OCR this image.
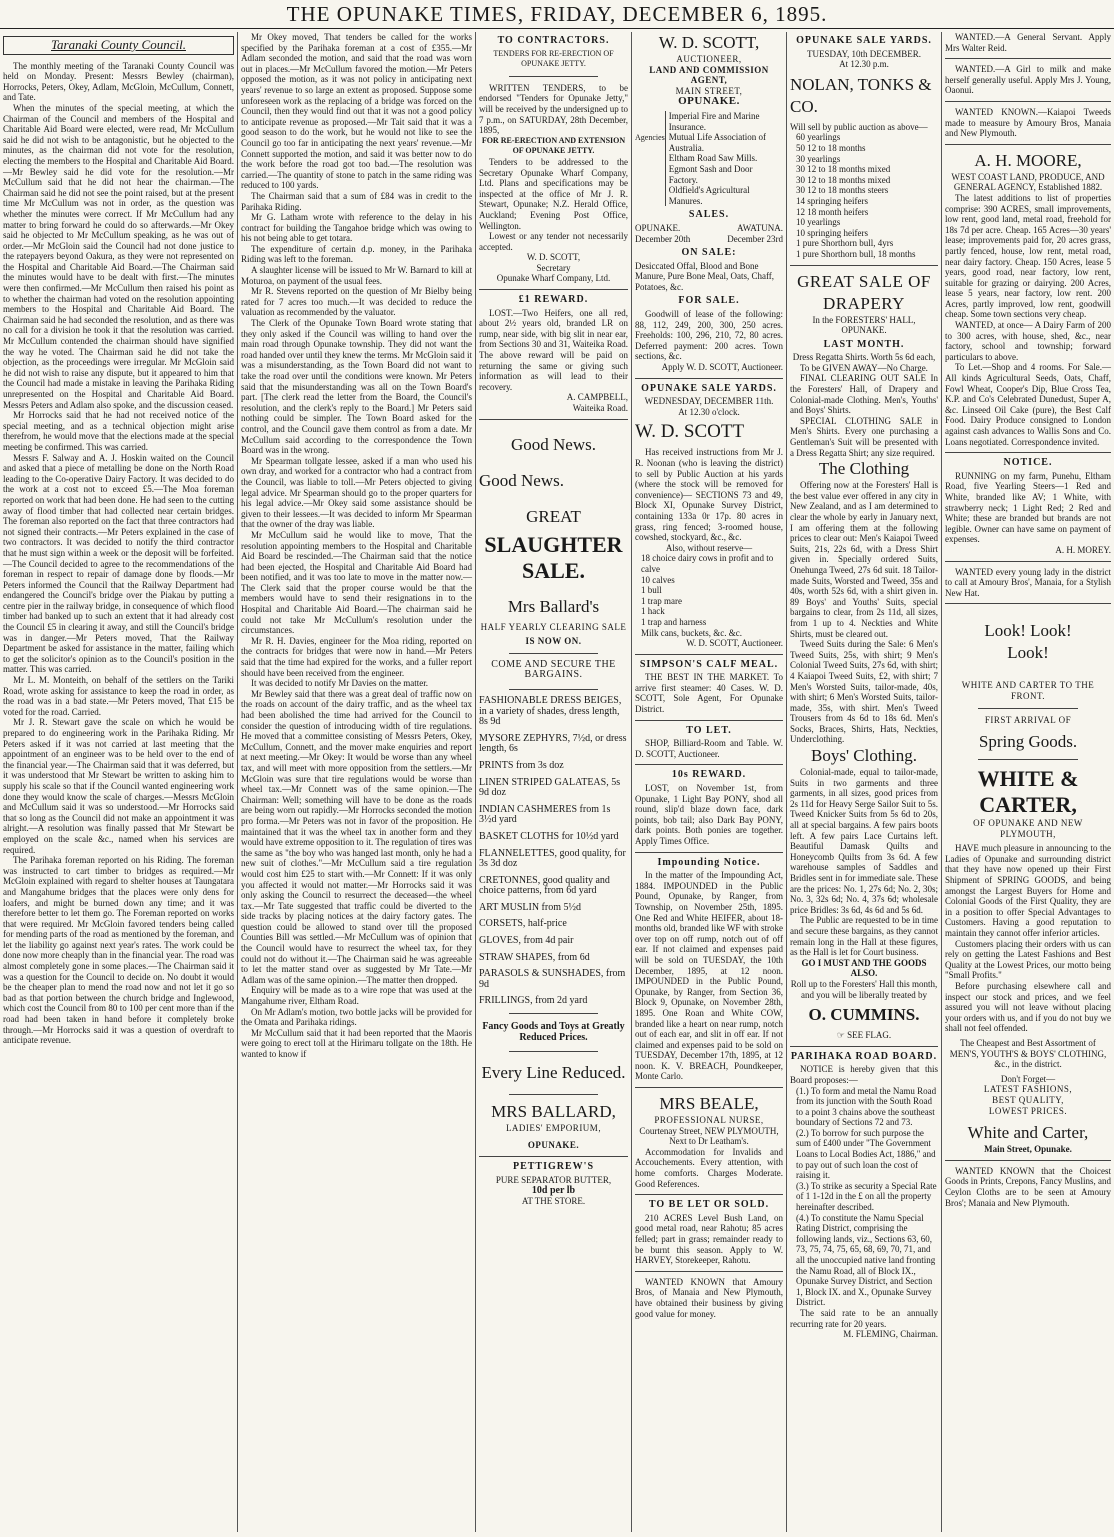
THE OPUNAKE TIMES, FRIDAY, DECEMBER 6, 1895.
Taranaki County Council.

The monthly meeting of the Taranaki County Council was held on Monday. Present: Messrs Bewley (chairman), Horrocks, Peters, Okey, Adlam, McGloin, McCullum, Connett, and Tate.

When the minutes of the special meeting, at which the Chairman of the Council and members of the Hospital and Charitable Aid Board were elected, were read, Mr McCullum said he did not wish to be antagonistic, but he objected to the minutes, as the chairman did not vote for the resolution, electing the members to the Hospital and Charitable Aid Board.—Mr Bewley said he did vote for the resolution.—Mr McCullum said that he did not hear the chairman.—The Chairman said he did not see the point raised, but at the present time Mr McCullum was not in order, as the question was whether the minutes were correct. If Mr McCullum had any matter to bring forward he could do so afterwards.—Mr Okey said he objected to Mr McCullum speaking, as he was out of order.—Mr McGloin said the Council had not done justice to the ratepayers beyond Oakura, as they were not represented on the Hospital and Charitable Aid Board.—The Chairman said the minutes would have to be dealt with first.—The minutes were then confirmed.—Mr McCullum then raised his point as to whether the chairman had voted on the resolution appointing members to the Hospital and Charitable Aid Board. The Chairman said he had seconded the resolution, and as there was no call for a division he took it that the resolution was carried. Mr McCullum contended the chairman should have signified the way he voted. The Chairman said he did not take the objection, as the proceedings were irregular. Mr McGloin said he did not wish to raise any dispute, but it appeared to him that the Council had made a mistake in leaving the Parihaka Riding unrepresented on the Hospital and Charitable Aid Board. Messrs Peters and Adlam also spoke, and the discussion ceased.

Mr Horrocks said that he had not received notice of the special meeting, and as a technical objection might arise therefrom, he would move that the elections made at the special meeting be confirmed. This was carried.

Messrs F. Salway and A. J. Hoskin waited on the Council and asked that a piece of metalling be done on the North Road leading to the Co-operative Dairy Factory. It was decided to do the work at a cost not to exceed £5.—The Moa foreman reported on work that had been done. He had seen to the cutting away of flood timber that had collected near certain bridges. The foreman also reported on the fact that three contractors had not signed their contracts.—Mr Peters explained in the case of two contractors. It was decided to notify the third contractor that he must sign within a week or the deposit will be forfeited.—The Council decided to agree to the recommendations of the foreman in respect to repair of damage done by floods.—Mr Peters informed the Council that the Railway Department had endangered the Council's bridge over the Piakau by putting a centre pier in the railway bridge, in consequence of which flood timber had banked up to such an extent that it had already cost the Council £5 in clearing it away, and still the Council's bridge was in danger.—Mr Peters moved, That the Railway Department be asked for assistance in the matter, failing which to get the solicitor's opinion as to the Council's position in the matter. This was carried.

Mr L. M. Monteith, on behalf of the settlers on the Tariki Road, wrote asking for assistance to keep the road in order, as the road was in a bad state.—Mr Peters moved, That £15 be voted for the road. Carried.

Mr J. R. Stewart gave the scale on which he would be prepared to do engineering work in the Parihaka Riding. Mr Peters asked if it was not carried at last meeting that the appointment of an engineer was to be held over to the end of the financial year.—The Chairman said that it was deferred, but it was understood that Mr Stewart be written to asking him to supply his scale so that if the Council wanted engineering work done they would know the scale of charges.—Messrs McGloin and McCullum said it was so understood.—Mr Horrocks said that so long as the Council did not make an appointment it was alright.—A resolution was finally passed that Mr Stewart be employed on the scale &c., named when his services are required.

The Parihaka foreman reported on his Riding. The foreman was instructed to cart timber to bridges as required.—Mr McGloin explained with regard to shelter houses at Taungatara and Mangahume bridges that the places were only dens for loafers, and might be burned down any time; and it was therefore better to let them go. The Foreman reported on works that were required. Mr McGloin favored tenders being called for mending parts of the road as mentioned by the foreman, and let the liability go against next year's rates. The work could be done now more cheaply than in the financial year. The road was almost completely gone in some places.—The Chairman said it was a question for the Council to decide on. No doubt it would be the cheaper plan to mend the road now and not let it go so bad as that portion between the church bridge and Inglewood, which cost the Council from 80 to 100 per cent more than if the road had been taken in hand before it completely broke through.—Mr Horrocks said it was a question of overdraft to anticipate revenue.

Mr Okey moved, That tenders be called for the works specified by the Parihaka foreman at a cost of £355.—Mr Adlam seconded the motion, and said that the road was worn out in places.—Mr McCullum favored the motion.—Mr Peters opposed the motion, as it was not policy in anticipating next years' revenue to so large an extent as proposed. Suppose some unforeseen work as the replacing of a bridge was forced on the Council, then they would find out that it was not a good policy to anticipate revenue as proposed.—Mr Tait said that it was a good season to do the work, but he would not like to see the Council go too far in anticipating the next years' revenue.—Mr Connett supported the motion, and said it was better now to do the work before the road got too bad.—The resolution was carried.—The quantity of stone to patch in the same riding was reduced to 100 yards.

The Chairman said that a sum of £84 was in credit to the Parihaka Riding.

Mr G. Latham wrote with reference to the delay in his contract for building the Tangahoe bridge which was owing to his not being able to get totara.

The expenditure of certain d.p. money, in the Parihaka Riding was left to the foreman.

A slaughter license will be issued to Mr W. Barnard to kill at Moturoa, on payment of the usual fees.

Mr R. Stevens reported on the question of Mr Bielby being rated for 7 acres too much.—It was decided to reduce the valuation as recommended by the valuator.

The Clerk of the Opunake Town Board wrote stating that they only asked if the Council was willing to hand over the main road through Opunake township. They did not want the road handed over until they knew the terms. Mr McGloin said it was a misunderstanding, as the Town Board did not want to take the road over until the conditions were known. Mr Peters said that the misunderstanding was all on the Town Board's part. [The clerk read the letter from the Board, the Council's resolution, and the clerk's reply to the Board.] Mr Peters said nothing could be simpler. The Town Board asked for the control, and the Council gave them control as from a date. Mr McCullum said according to the correspondence the Town Board was in the wrong.

Mr Spearman tollgate lessee, asked if a man who used his own dray, and worked for a contractor who had a contract from the Council, was liable to toll.—Mr Peters objected to giving legal advice. Mr Spearman should go to the proper quarters for his legal advice.—Mr Okey said some assistance should be given to their lessees.—It was decided to inform Mr Spearman that the owner of the dray was liable.

Mr McCullum said he would like to move, That the resolution appointing members to the Hospital and Charitable Aid Board be rescinded.—The Chairman said that the notice had been ejected, the Hospital and Charitable Aid Board had been notified, and it was too late to move in the matter now.—The Clerk said that the proper course would be that the members would have to send their resignations in to the Hospital and Charitable Aid Board.—The chairman said he could not take Mr McCullum's resolution under the circumstances.

Mr R. H. Davies, engineer for the Moa riding, reported on the contracts for bridges that were now in hand.—Mr Peters said that the time had expired for the works, and a fuller report should have been received from the engineer.

It was decided to notify Mr Davies on the matter.

Mr Bewley said that there was a great deal of traffic now on the roads on account of the dairy traffic, and as the wheel tax had been abolished the time had arrived for the Council to consider the question of introducing width of tire regulations. He moved that a committee consisting of Messrs Peters, Okey, McCullum, Connett, and the mover make enquiries and report at next meeting.—Mr Okey: It would be worse than any wheel tax, and will meet with more opposition from the settlers.—Mr McGloin was sure that tire regulations would be worse than wheel tax.—Mr Connett was of the same opinion.—The Chairman: Well; something will have to be done as the roads are being worn out rapidly.—Mr Horrocks seconded the motion pro forma.—Mr Peters was not in favor of the proposition. He maintained that it was the wheel tax in another form and they would have extreme opposition to it. The regulation of tires was the same as "the boy who was hanged last month, only he had a new suit of clothes."—Mr McCullum said a tire regulation would cost him £25 to start with.—Mr Connett: If it was only you affected it would not matter.—Mr Horrocks said it was only asking the Council to resurrect the deceased—the wheel tax.—Mr Tate suggested that traffic could be diverted to the side tracks by placing notices at the dairy factory gates. The question could be allowed to stand over till the proposed Counties Bill was settled.—Mr McCullum was of opinion that the Council would have to resurrect the wheel tax, for they could not do without it.—The Chairman said he was agreeable to let the matter stand over as suggested by Mr Tate.—Mr Adlam was of the same opinion.—The matter then dropped.

Enquiry will be made as to a wire rope that was used at the Mangahume river, Eltham Road.

On Mr Adlam's motion, two bottle jacks will be provided for the Omata and Parihaka ridings.

Mr McCullum said that it had been reported that the Maoris were going to erect toll at the Hirimaru tollgate on the 18th. He wanted to know if

TO CONTRACTORS.
TENDERS FOR RE-ERECTION OF OPUNAKE JETTY.

WRITTEN TENDERS, to be endorsed "Tenders for Opunake Jetty," will be received by the undersigned up to 7 p.m., on SATURDAY, 28th December, 1895,

FOR RE-ERECTION AND EXTENSION OF OPUNAKE JETTY.

Tenders to be addressed to the Secretary Opunake Wharf Company, Ltd. Plans and specifications may be inspected at the office of Mr J. R. Stewart, Opunake; N.Z. Herald Office, Auckland; Evening Post Office, Wellington.

Lowest or any tender not necessarily accepted.

W. D. SCOTT,
Secretary
Opunake Wharf Company, Ltd.
£1 REWARD.

LOST.—Two Heifers, one all red, about 2½ years old, branded LR on rump, near side, with big slit in near ear, from Sections 30 and 31, Waiteika Road. The above reward will be paid on returning the same or giving such information as will lead to their recovery.

A. CAMPBELL,
Waiteika Road.
Good News.
Good News.
GREAT
SLAUGHTER SALE.
Mrs Ballard's
HALF YEARLY CLEARING SALE
IS NOW ON.
COME AND SECURE THE BARGAINS.
FASHIONABLE DRESS BEIGES, in a variety of shades, dress length, 8s 9d
MYSORE ZEPHYRS, 7½d, or dress length, 6s
PRINTS from 3s doz
LINEN STRIPED GALATEAS, 5s 9d doz
INDIAN CASHMERES from 1s 3½d yard
BASKET CLOTHS for 10½d yard
FLANNELETTES, good quality, for 3s 3d doz
CRETONNES, good quality and choice patterns, from 6d yard
ART MUSLIN from 5½d
CORSETS, half-price
GLOVES, from 4d pair
STRAW SHAPES, from 6d
PARASOLS & SUNSHADES, from 9d
FRILLINGS, from 2d yard
Fancy Goods and Toys at Greatly Reduced Prices.
Every Line Reduced.
MRS BALLARD,
LADIES' EMPORIUM,
OPUNAKE.
PETTIGREW'S
PURE SEPARATOR BUTTER,
10d per lb
AT THE STORE.
W. D. SCOTT,
AUCTIONEER,
LAND AND COMMISSION AGENT,
MAIN STREET,
OPUNAKE.
Agencies
Imperial Fire and Marine Insurance.
Mutual Life Association of Australia.
Eltham Road Saw Mills.
Egmont Sash and Door Factory.
Oldfield's Agricultural Manures.
SALES.
OPUNAKE. December 20th
AWATUNA. December 23rd
ON SALE:
Desiccated Offal, Blood and Bone Manure, Pure Bone Meal, Oats, Chaff, Potatoes, &c.
FOR SALE.

Goodwill of lease of the following: 88, 112, 249, 200, 300, 250 acres. Freeholds: 100, 296, 210, 72, 80 acres. Deferred payment: 200 acres. Town sections, &c.

Apply W. D. SCOTT, Auctioneer.
OPUNAKE SALE YARDS.
WEDNESDAY, DECEMBER 11th.
At 12.30 o'clock.
W. D. SCOTT

Has received instructions from Mr J. R. Noonan (who is leaving the district) to sell by Public Auction at his yards (where the stock will be removed for convenience)— SECTIONS 73 and 49, Block XI, Opunake Survey District, containing 133a 0r 17p. 80 acres in grass, ring fenced; 3-roomed house, cowshed, stockyard, &c., &c.

Also, without reserve—
18 choice dairy cows in profit and to calve
10 calves
1 bull
1 trap mare
1 hack
1 trap and harness
Milk cans, buckets, &c. &c.
W. D. SCOTT, Auctioneer.
SIMPSON'S CALF MEAL.

THE BEST IN THE MARKET. To arrive first steamer: 40 Cases. W. D. SCOTT, Sole Agent, For Opunake District.

TO LET.

SHOP, Billiard-Room and Table. W. D. SCOTT, Auctioneer.

10s REWARD.

LOST, on November 1st, from Opunake, 1 Light Bay PONY, shod all round, slip'd blaze down face, dark points, bob tail; also Dark Bay PONY, dark points. Both ponies are together. Apply Times Office.

Impounding Notice.

In the matter of the Impounding Act, 1884. IMPOUNDED in the Public Pound, Opunake, by Ranger, from Township, on November 25th, 1895. One Red and White HEIFER, about 18-months old, branded like WF with stroke over top on off rump, notch out of off ear. If not claimed and expenses paid will be sold on TUESDAY, the 10th December, 1895, at 12 noon. IMPOUNDED in the Public Pound, Opunake, by Ranger, from Section 36, Block 9, Opunake, on November 28th, 1895. One Roan and White COW, branded like a heart on near rump, notch out of each ear, and slit in off ear. If not claimed and expenses paid to be sold on TUESDAY, December 17th, 1895, at 12 noon. K. V. BREACH, Poundkeeper, Monte Carlo.

MRS BEALE,
PROFESSIONAL NURSE,
Courtenay Street, NEW PLYMOUTH, Next to Dr Leatham's.

Accommodation for Invalids and Accouchements. Every attention, with home comforts. Charges Moderate. Good References.

TO BE LET OR SOLD.

210 ACRES Level Bush Land, on good metal road, near Rahotu; 85 acres felled; part in grass; remainder ready to be burnt this season. Apply to W. HARVEY, Storekeeper, Rahotu.

WANTED KNOWN that Amoury Bros, of Manaia and New Plymouth, have obtained their business by giving good value for money.

OPUNAKE SALE YARDS.
TUESDAY, 10th DECEMBER.
At 12.30 p.m.
NOLAN, TONKS & CO.
Will sell by public auction as above—
60 yearlings
50 12 to 18 months
30 yearlings
30 12 to 18 months mixed
30 12 to 18 months mixed
30 12 to 18 months steers
14 springing heifers
12 18 month heifers
10 yearlings
10 springing heifers
1 pure Shorthorn bull, 4yrs
1 pure Shorthorn bull, 18 months
GREAT SALE OF DRAPERY
In the FORESTERS' HALL, OPUNAKE.
LAST MONTH.
Dress Regatta Shirts. Worth 5s 6d each, To be GIVEN AWAY—No Charge.

FINAL CLEARING OUT SALE In the Foresters' Hall, of Drapery and Colonial-made Clothing. Men's, Youths' and Boys' Shirts.

SPECIAL CLOTHING SALE in Men's Shirts. Every one purchasing a Gentleman's Suit will be presented with a Dress Regatta Shirt; any size required.

The Clothing

Offering now at the Foresters' Hall is the best value ever offered in any city in New Zealand, and as I am determined to clear the whole by early in January next, I am offering them at the following prices to clear out: Men's Kaiapoi Tweed Suits, 21s, 22s 6d, with a Dress Shirt given in. Specially ordered Suits, Onehunga Tweed, 27s 6d suit. 18 Tailor-made Suits, Worsted and Tweed, 35s and 40s, worth 52s 6d, with a shirt given in. 89 Boys' and Youths' Suits, special bargains to clear, from 2s 11d, all sizes, from 1 up to 4. Neckties and White Shirts, must be cleared out.

Tweed Suits during the Sale: 6 Men's Tweed Suits, 25s, with shirt; 9 Men's Colonial Tweed Suits, 27s 6d, with shirt; 4 Kaiapoi Tweed Suits, £2, with shirt; 7 Men's Worsted Suits, tailor-made, 40s, with shirt; 6 Men's Worsted Suits, tailor-made, 35s, with shirt. Men's Tweed Trousers from 4s 6d to 18s 6d. Men's Socks, Braces, Shirts, Hats, Neckties, Underclothing.

Boys' Clothing.

Colonial-made, equal to tailor-made, Suits in two garments and three garments, in all sizes, good prices from 2s 11d for Heavy Serge Sailor Suit to 5s. Tweed Knicker Suits from 5s 6d to 20s, all at special bargains. A few pairs boots left. A few pairs Lace Curtains left. Beautiful Damask Quilts and Honeycomb Quilts from 3s 6d. A few warehouse samples of Saddles and Bridles sent in for immediate sale. These are the prices: No. 1, 27s 6d; No. 2, 30s; No. 3, 32s 6d; No. 4, 37s 6d; wholesale price Bridles: 3s 6d, 4s 6d and 5s 6d.

The Public are requested to be in time and secure these bargains, as they cannot remain long in the Hall at these figures, as the Hall is let for Court business.

GO I MUST AND THE GOODS ALSO.
Roll up to the Foresters' Hall this month, and you will be liberally treated by
O. CUMMINS.
☞ SEE FLAG.
PARIHAKA ROAD BOARD.

NOTICE is hereby given that this Board proposes:—

(1.) To form and metal the Namu Road from its junction with the South Road to a point 3 chains above the southeast boundary of Sections 72 and 73.
(2.) To borrow for such purpose the sum of £400 under "The Government Loans to Local Bodies Act, 1886," and to pay out of such loan the cost of raising it.
(3.) To strike as security a Special Rate of 1 1-12d in the £ on all the property hereinafter described.
(4.) To constitute the Namu Special Rating District, comprising the following lands, viz., Sections 63, 60, 73, 75, 74, 75, 65, 68, 69, 70, 71, and all the unoccupied native land fronting the Namu Road, all of Block IX., Opunake Survey District, and Section 1, Block IX. and X., Opunake Survey District.

The said rate to be an annually recurring rate for 20 years.

M. FLEMING, Chairman.

WANTED.—A General Servant. Apply Mrs Walter Reid.

WANTED.—A Girl to milk and make herself generally useful. Apply Mrs J. Young, Oaonui.

WANTED KNOWN.—Kaiapoi Tweeds made to measure by Amoury Bros, Manaia and New Plymouth.

A. H. MOORE,
WEST COAST LAND, PRODUCE, AND GENERAL AGENCY, Established 1882.

The latest additions to list of properties comprise: 390 ACRES, small improvements, low rent, good land, metal road, freehold for 18s 7d per acre. Cheap. 165 Acres—30 years' lease; improvements paid for, 20 acres grass, partly fenced, house, low rent, metal road, near dairy factory. Cheap. 150 Acres, lease 5 years, good road, near factory, low rent, suitable for grazing or dairying. 200 Acres, lease 5 years, near factory, low rent. 200 Acres, partly improved, low rent, goodwill cheap. Some town sections very cheap.

WANTED, at once— A Dairy Farm of 200 to 300 acres, with house, shed, &c., near factory, school and township; forward particulars to above.

To Let.—Shop and 4 rooms. For Sale.—All kinds Agricultural Seeds, Oats, Chaff, Fowl Wheat, Cooper's Dip, Blue Cross Tea, K.P. and Co's Celebrated Dunedust, Super A, &c. Linseed Oil Cake (pure), the Best Calf Food. Dairy Produce consigned to London against cash advances to Wallis Sons and Co. Loans negotiated. Correspondence invited.

NOTICE.

RUNNING on my farm, Punehu, Eltham Road, five Yearling Steers—1 Red and White, branded like AV; 1 White, with strawberry neck; 1 Light Red; 2 Red and White; these are branded but brands are not legible. Owner can have same on payment of expenses.

A. H. MOREY.

WANTED every young lady in the district to call at Amoury Bros', Manaia, for a Stylish New Hat.

Look! Look!
Look!
WHITE AND CARTER TO THE FRONT.
FIRST ARRIVAL OF
Spring Goods.
WHITE & CARTER,
OF OPUNAKE AND NEW PLYMOUTH,

HAVE much pleasure in announcing to the Ladies of Opunake and surrounding district that they have now opened up their First Shipment of SPRING GOODS, and being amongst the Largest Buyers for Home and Colonial Goods of the First Quality, they are in a position to offer Special Advantages to Customers. Having a good reputation to maintain they cannot offer inferior articles.

Customers placing their orders with us can rely on getting the Latest Fashions and Best Quality at the Lowest Prices, our motto being "Small Profits."

Before purchasing elsewhere call and inspect our stock and prices, and we feel assured you will not leave without placing your orders with us, and if you do not buy we shall not feel offended.

The Cheapest and Best Assortment of MEN'S, YOUTH'S & BOYS' CLOTHING, &c., in the district.
Don't Forget—
LATEST FASHIONS,
BEST QUALITY,
LOWEST PRICES.
White and Carter,
Main Street, Opunake.

WANTED KNOWN that the Choicest Goods in Prints, Crepons, Fancy Muslins, and Ceylon Cloths are to be seen at Amoury Bros'; Manaia and New Plymouth.
